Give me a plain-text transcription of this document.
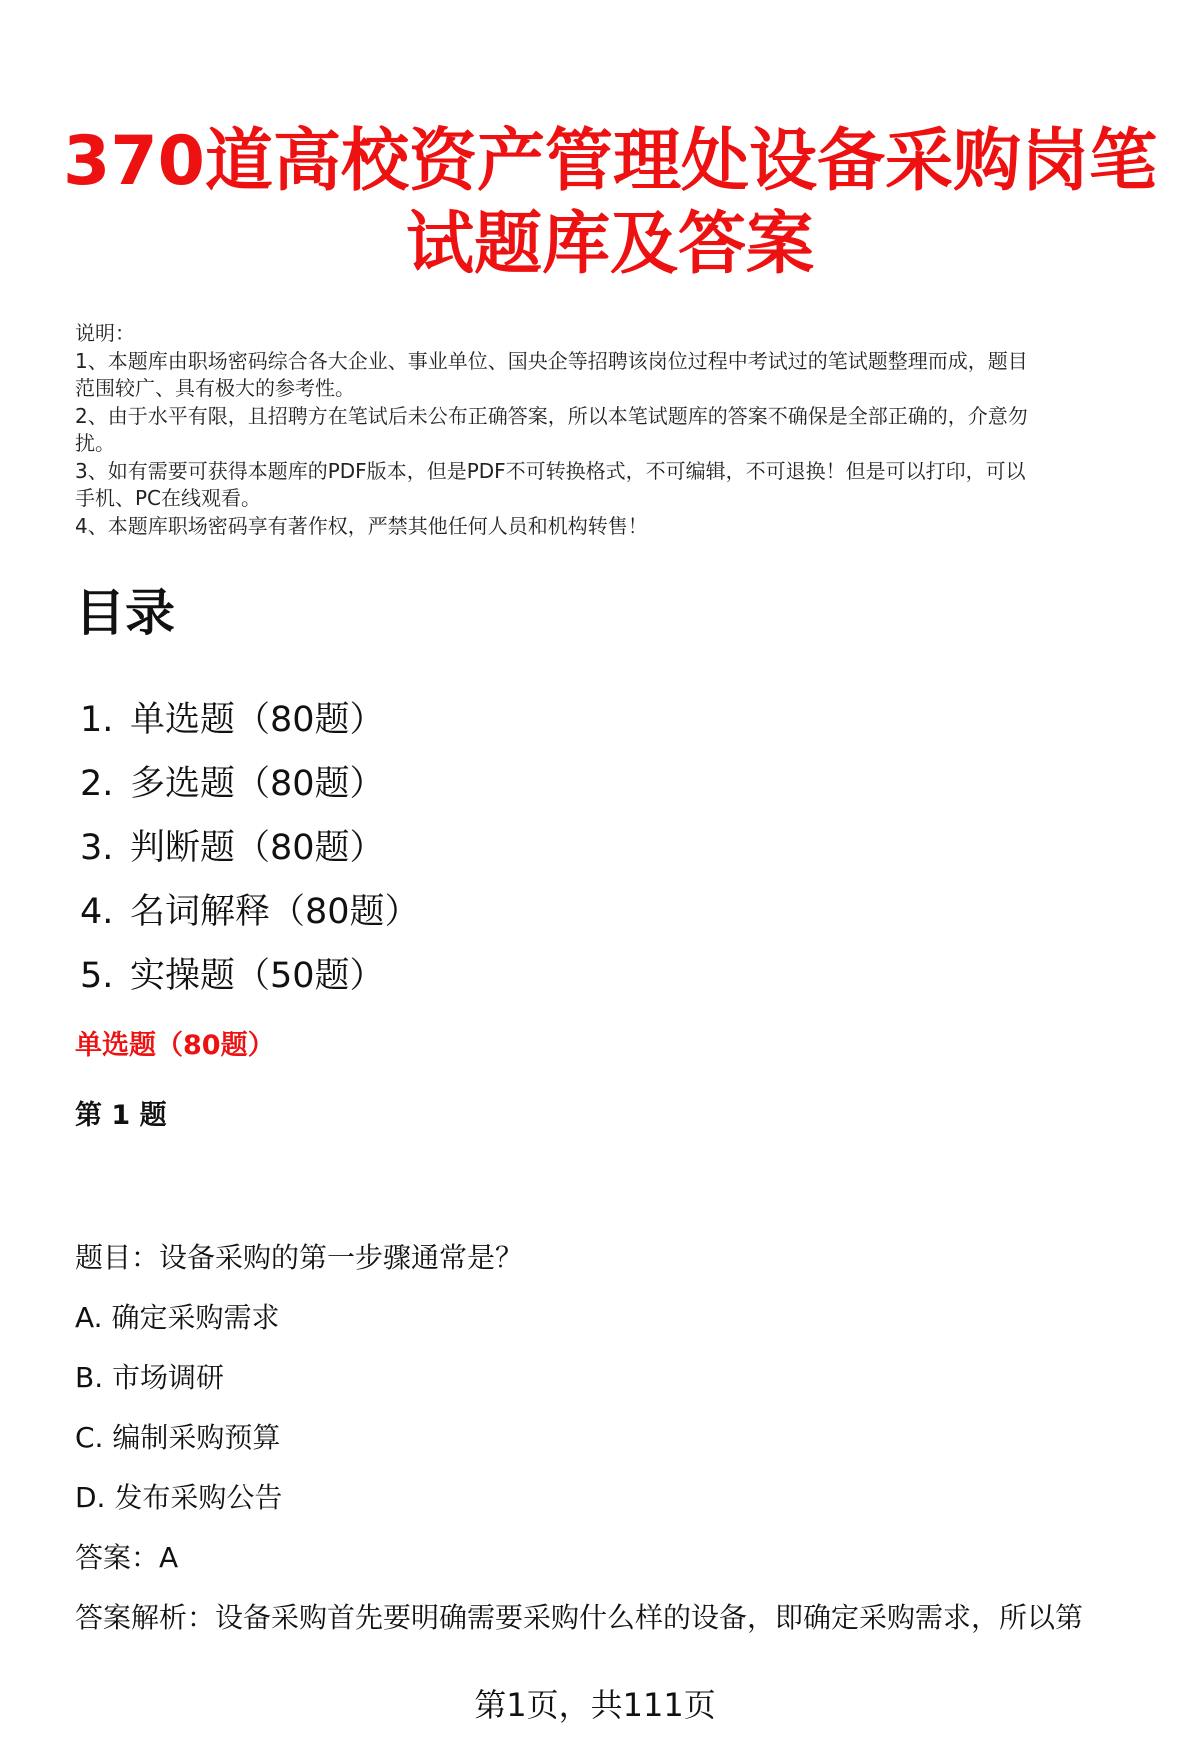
370道高校资产管理处设备采购岗笔
试题库及答案
说明：
1、本题库由职场密码综合各大企业、事业单位、国央企等招聘该岗位过程中考试过的笔试题整理而成，题目
范围较广、具有极大的参考性。
2、由于水平有限，且招聘方在笔试后未公布正确答案，所以本笔试题库的答案不确保是全部正确的，介意勿
扰。
3、如有需要可获得本题库的PDF版本，但是PDF不可转换格式，不可编辑，不可退换！但是可以打印，可以
手机、PC在线观看。
4、本题库职场密码享有著作权，严禁其他任何人员和机构转售！
目录
1. 单选题（80题）
2. 多选题（80题）
3. 判断题（80题）
4. 名词解释（80题）
5. 实操题（50题）
单选题（80题）
第 1 题
题目：设备采购的第一步骤通常是？
A. 确定采购需求
B. 市场调研
C. 编制采购预算
D. 发布采购公告
答案：A
答案解析：设备采购首先要明确需要采购什么样的设备，即确定采购需求，所以第
第1页，共111页
